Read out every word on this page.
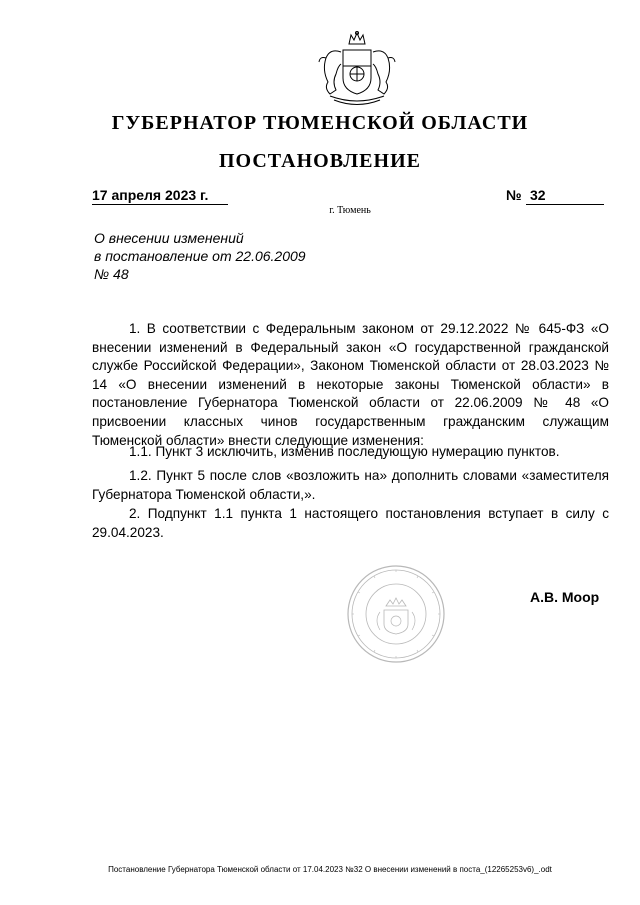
ГУБЕРНАТОР ТЮМЕНСКОЙ ОБЛАСТИ
ПОСТАНОВЛЕНИЕ
17 апреля 2023 г.	№ 32
г. Тюмень
О внесении изменений
в постановление от 22.06.2009
№ 48
1. В соответствии с Федеральным законом от 29.12.2022 № 645-ФЗ «О внесении изменений в Федеральный закон «О государственной гражданской службе Российской Федерации», Законом Тюменской области от 28.03.2023 № 14 «О внесении изменений в некоторые законы Тюменской области» в постановление Губернатора Тюменской области от 22.06.2009 № 48 «О присвоении классных чинов государственным гражданским служащим Тюменской области» внести следующие изменения:
1.1. Пункт 3 исключить, изменив последующую нумерацию пунктов.
1.2. Пункт 5 после слов «возложить на» дополнить словами «заместителя Губернатора Тюменской области,».
2. Подпункт 1.1 пункта 1 настоящего постановления вступает в силу с 29.04.2023.
А.В. Моор
Постановление Губернатора Тюменской области от 17.04.2023 №32 О внесении изменений в поста_(12265253v6)_.odt
